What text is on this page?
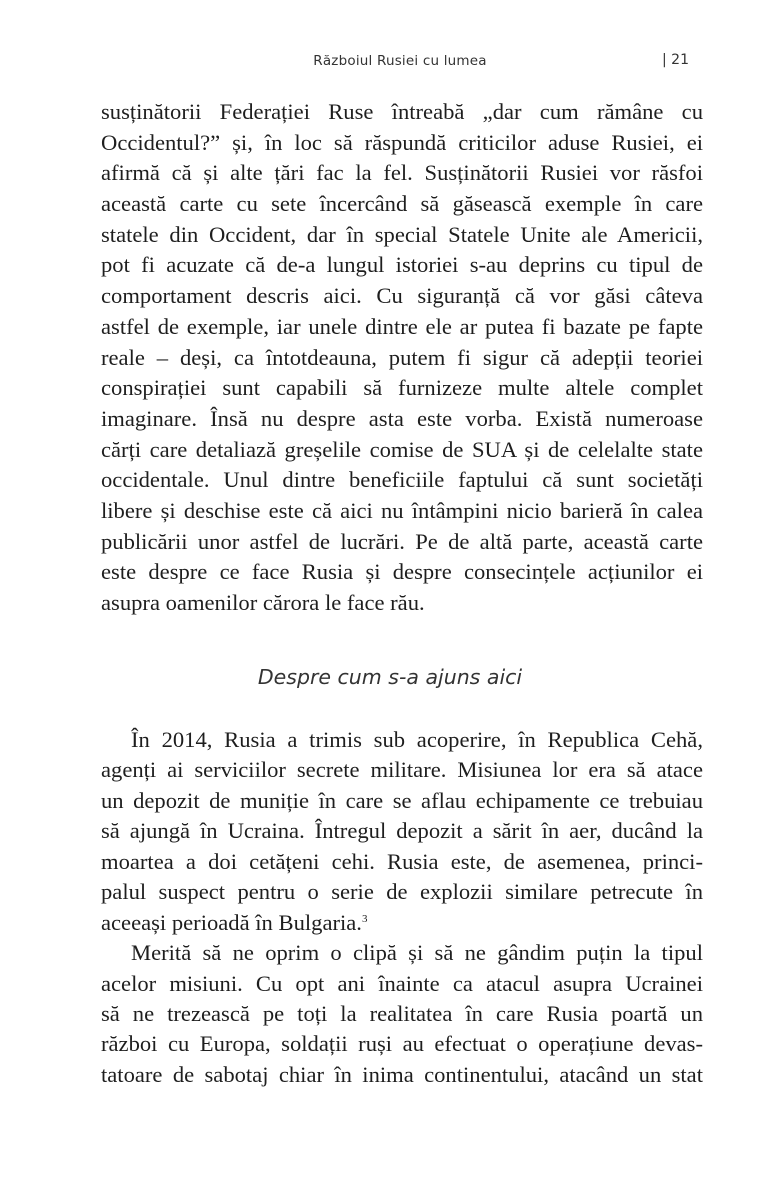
Războiul Rusiei cu lumea	| 21
susținătorii Federației Ruse întreabă „dar cum rămâne cu
Occidentul?” și, în loc să răspundă criticilor aduse Rusiei, ei
afirmă că și alte țări fac la fel. Susținătorii Rusiei vor răsfoi
această carte cu sete încercând să găsească exemple în care
statele din Occident, dar în special Statele Unite ale Americii,
pot fi acuzate că de-a lungul istoriei s-au deprins cu tipul de
comportament descris aici. Cu siguranță că vor găsi câteva
astfel de exemple, iar unele dintre ele ar putea fi bazate pe fapte
reale – deși, ca întotdeauna, putem fi sigur că adepții teoriei
conspirației sunt capabili să furnizeze multe altele complet
imaginare. Însă nu despre asta este vorba. Există numeroase
cărți care detaliază greșelile comise de SUA și de celelalte state
occidentale. Unul dintre beneficiile faptului că sunt societăți
libere și deschise este că aici nu întâmpini nicio barieră în calea
publicării unor astfel de lucrări. Pe de altă parte, această carte
este despre ce face Rusia și despre consecințele acțiunilor ei
asupra oamenilor cărora le face rău.
Despre cum s-a ajuns aici
În 2014, Rusia a trimis sub acoperire, în Republica Cehă,
agenți ai serviciilor secrete militare. Misiunea lor era să atace
un depozit de muniție în care se aflau echipamente ce trebuiau
să ajungă în Ucraina. Întregul depozit a sărit în aer, ducând la
moartea a doi cetățeni cehi. Rusia este, de asemenea, princi-
palul suspect pentru o serie de explozii similare petrecute în
aceeași perioadă în Bulgaria.$^3$
Merită să ne oprim o clipă și să ne gândim puțin la tipul
acelor misiuni. Cu opt ani înainte ca atacul asupra Ucrainei
să ne trezească pe toți la realitatea în care Rusia poartă un
război cu Europa, soldații ruși au efectuat o operațiune devas-
tatoare de sabotaj chiar în inima continentului, atacând un stat
